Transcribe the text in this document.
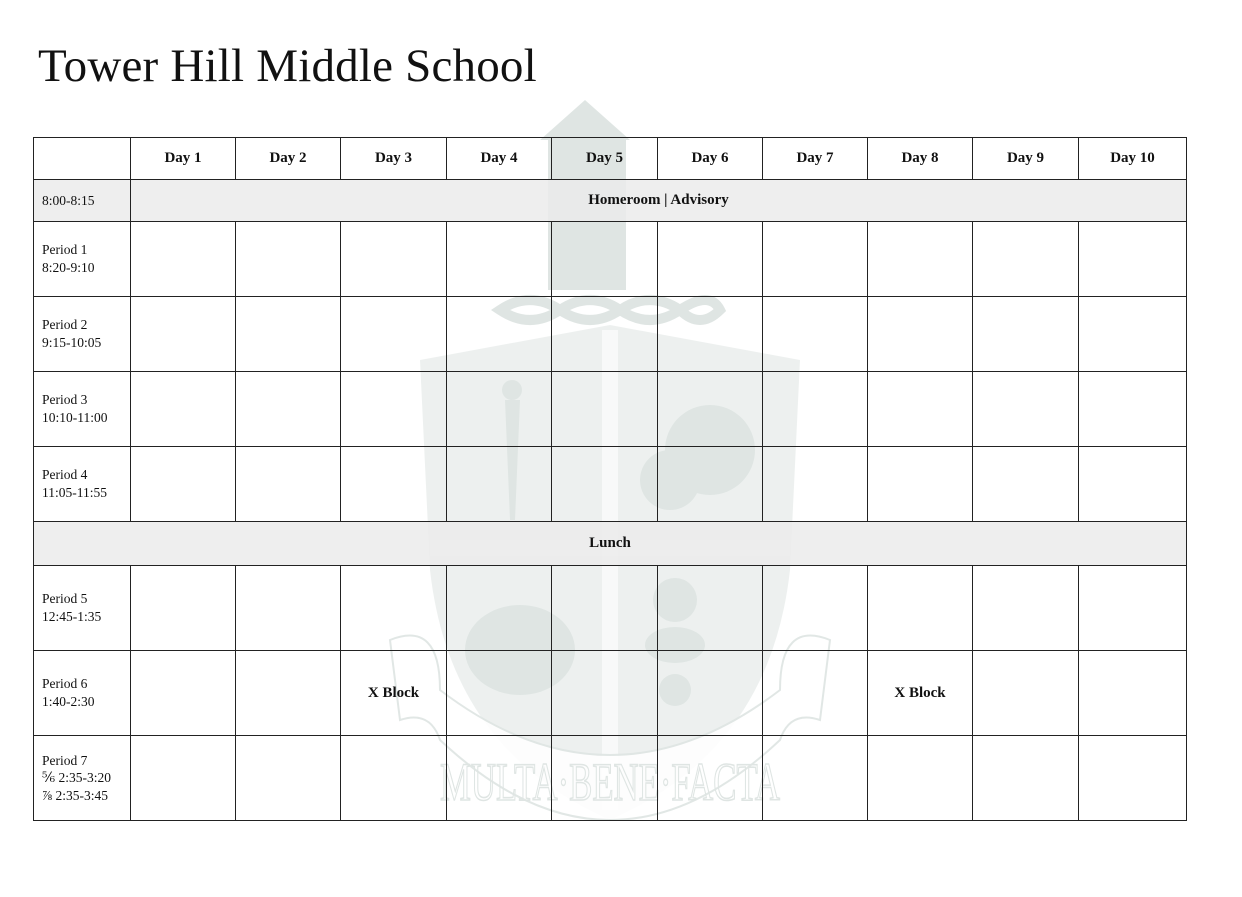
Tower Hill Middle School
MULTA·BENE·FACTA
	Day 1	Day 2	Day 3	Day 4	Day 5	Day 6	Day 7	Day 8	Day 9	Day 10
8:00-8:15	Homeroom | Advisory									

Period 1
8:20-9:10										

Period 2
9:15-10:05										

Period 3
10:10-11:00										

Period 4
11:05-11:55										

Lunch										

Period 5
12:45-1:35										

Period 6
1:40-2:30			X Block					X Block		

Period 7
⅚ 2:35-3:20
⅞ 2:35-3:45										
